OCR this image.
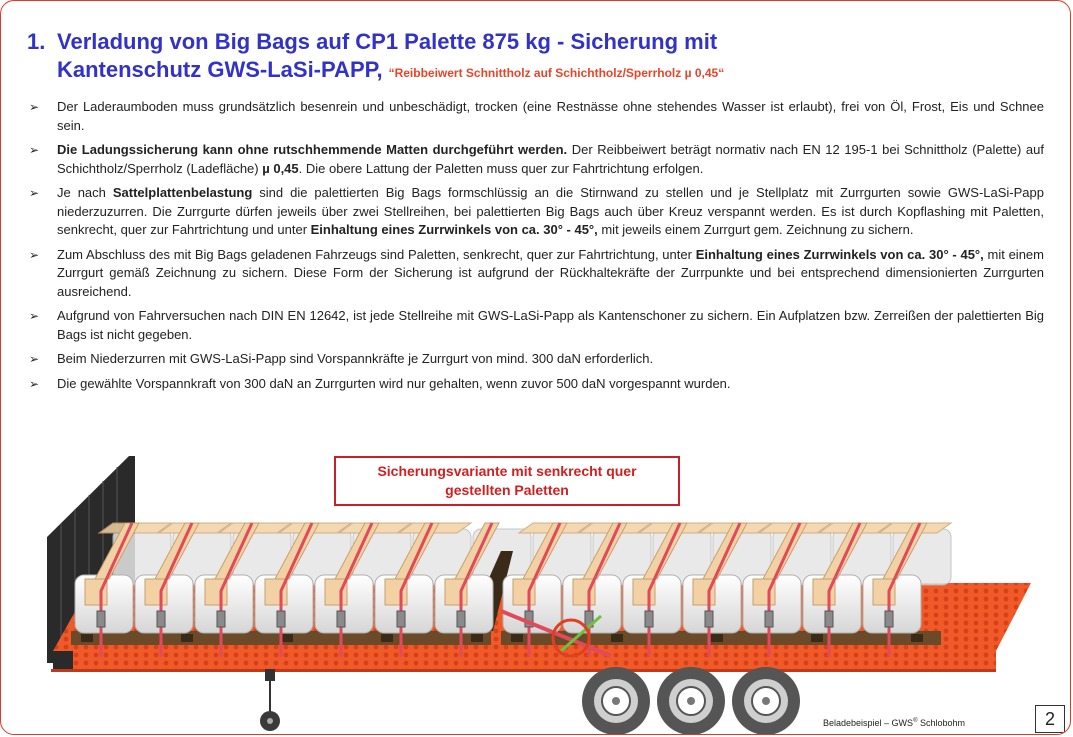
1. Verladung von Big Bags auf CP1 Palette 875 kg - Sicherung mit
Kantenschutz GWS-LaSi-PAPP, “Reibbeiwert Schnittholz auf Schichtholz/Sperrholz µ 0,45“
➢ Der Laderaumboden muss grundsätzlich besenrein und unbeschädigt, trocken (eine Restnässe ohne stehendes Wasser ist erlaubt), frei von Öl, Frost, Eis und Schnee sein.
➢ Die Ladungssicherung kann ohne rutschhemmende Matten durchgeführt werden. Der Reibbeiwert beträgt normativ nach EN 12 195-1 bei Schnittholz (Palette) auf Schichtholz/Sperrholz (Ladefläche) µ 0,45. Die obere Lattung der Paletten muss quer zur Fahrtrichtung erfolgen.
➢ Je nach Sattelplattenbelastung sind die palettierten Big Bags formschlüssig an die Stirnwand zu stellen und je Stellplatz mit Zurrgurten sowie GWS-LaSi-Papp niederzuzurren. Die Zurrgurte dürfen jeweils über zwei Stellreihen, bei palettierten Big Bags auch über Kreuz verspannt werden. Es ist durch Kopflashing mit Paletten, senkrecht, quer zur Fahrtrichtung und unter Einhaltung eines Zurrwinkels von ca. 30° - 45°, mit jeweils einem Zurrgurt gem. Zeichnung zu sichern.
➢ Zum Abschluss des mit Big Bags geladenen Fahrzeugs sind Paletten, senkrecht, quer zur Fahrtrichtung, unter Einhaltung eines Zurrwinkels von ca. 30° - 45°, mit einem Zurrgurt gemäß Zeichnung zu sichern. Diese Form der Sicherung ist aufgrund der Rückhaltekräfte der Zurrpunkte und bei entsprechend dimensionierten Zurrgurten ausreichend.
➢ Aufgrund von Fahrversuchen nach DIN EN 12642, ist jede Stellreihe mit GWS-LaSi-Papp als Kantenschoner zu sichern. Ein Aufplatzen bzw. Zerreißen der palettierten Big Bags ist nicht gegeben.
➢ Beim Niederzurren mit GWS-LaSi-Papp sind Vorspannkräfte je Zurrgurt von mind. 300 daN erforderlich.
➢ Die gewählte Vorspannkraft von 300 daN an Zurrgurten wird nur gehalten, wenn zuvor 500 daN vorgespannt wurden.
Sicherungsvariante mit senkrecht quer
gestellten Paletten
Beladebeispiel – GWS® Schlobohm	2
